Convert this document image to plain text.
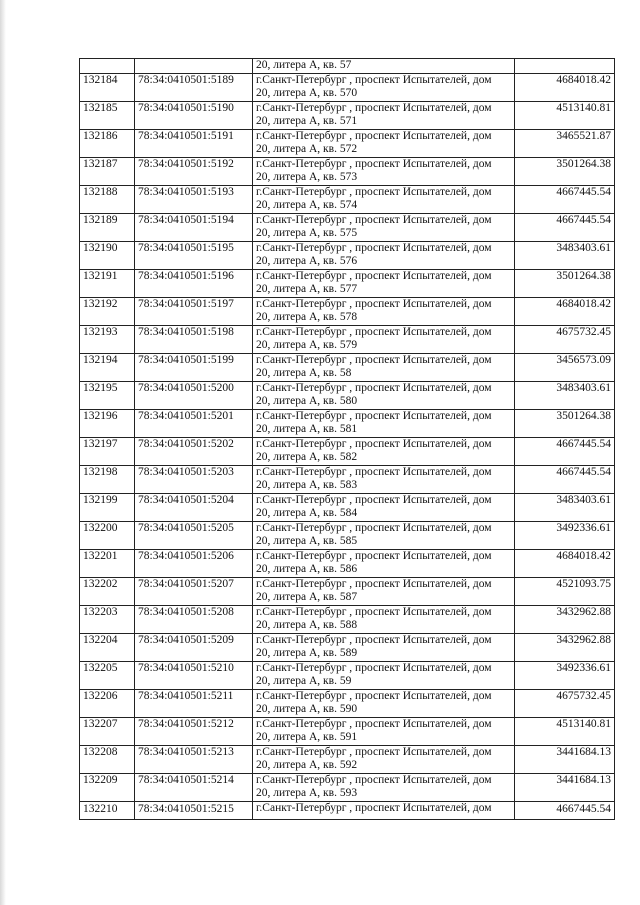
		20, литера А, кв. 57	

132184	78:34:0410501:5189	г.Санкт-Петербург , проспект Испытателей, дом
20, литера А, кв. 570	4684018.42
132185	78:34:0410501:5190	г.Санкт-Петербург , проспект Испытателей, дом
20, литера А, кв. 571	4513140.81
132186	78:34:0410501:5191	г.Санкт-Петербург , проспект Испытателей, дом
20, литера А, кв. 572	3465521.87
132187	78:34:0410501:5192	г.Санкт-Петербург , проспект Испытателей, дом
20, литера А, кв. 573	3501264.38
132188	78:34:0410501:5193	г.Санкт-Петербург , проспект Испытателей, дом
20, литера А, кв. 574	4667445.54
132189	78:34:0410501:5194	г.Санкт-Петербург , проспект Испытателей, дом
20, литера А, кв. 575	4667445.54
132190	78:34:0410501:5195	г.Санкт-Петербург , проспект Испытателей, дом
20, литера А, кв. 576	3483403.61
132191	78:34:0410501:5196	г.Санкт-Петербург , проспект Испытателей, дом
20, литера А, кв. 577	3501264.38
132192	78:34:0410501:5197	г.Санкт-Петербург , проспект Испытателей, дом
20, литера А, кв. 578	4684018.42
132193	78:34:0410501:5198	г.Санкт-Петербург , проспект Испытателей, дом
20, литера А, кв. 579	4675732.45
132194	78:34:0410501:5199	г.Санкт-Петербург , проспект Испытателей, дом
20, литера А, кв. 58	3456573.09
132195	78:34:0410501:5200	г.Санкт-Петербург , проспект Испытателей, дом
20, литера А, кв. 580	3483403.61
132196	78:34:0410501:5201	г.Санкт-Петербург , проспект Испытателей, дом
20, литера А, кв. 581	3501264.38
132197	78:34:0410501:5202	г.Санкт-Петербург , проспект Испытателей, дом
20, литера А, кв. 582	4667445.54
132198	78:34:0410501:5203	г.Санкт-Петербург , проспект Испытателей, дом
20, литера А, кв. 583	4667445.54
132199	78:34:0410501:5204	г.Санкт-Петербург , проспект Испытателей, дом
20, литера А, кв. 584	3483403.61
132200	78:34:0410501:5205	г.Санкт-Петербург , проспект Испытателей, дом
20, литера А, кв. 585	3492336.61
132201	78:34:0410501:5206	г.Санкт-Петербург , проспект Испытателей, дом
20, литера А, кв. 586	4684018.42
132202	78:34:0410501:5207	г.Санкт-Петербург , проспект Испытателей, дом
20, литера А, кв. 587	4521093.75
132203	78:34:0410501:5208	г.Санкт-Петербург , проспект Испытателей, дом
20, литера А, кв. 588	3432962.88
132204	78:34:0410501:5209	г.Санкт-Петербург , проспект Испытателей, дом
20, литера А, кв. 589	3432962.88
132205	78:34:0410501:5210	г.Санкт-Петербург , проспект Испытателей, дом
20, литера А, кв. 59	3492336.61
132206	78:34:0410501:5211	г.Санкт-Петербург , проспект Испытателей, дом
20, литера А, кв. 590	4675732.45
132207	78:34:0410501:5212	г.Санкт-Петербург , проспект Испытателей, дом
20, литера А, кв. 591	4513140.81
132208	78:34:0410501:5213	г.Санкт-Петербург , проспект Испытателей, дом
20, литера А, кв. 592	3441684.13
132209	78:34:0410501:5214	г.Санкт-Петербург , проспект Испытателей, дом
20, литера А, кв. 593	3441684.13
132210	78:34:0410501:5215	г.Санкт-Петербург , проспект Испытателей, дом	4667445.54
